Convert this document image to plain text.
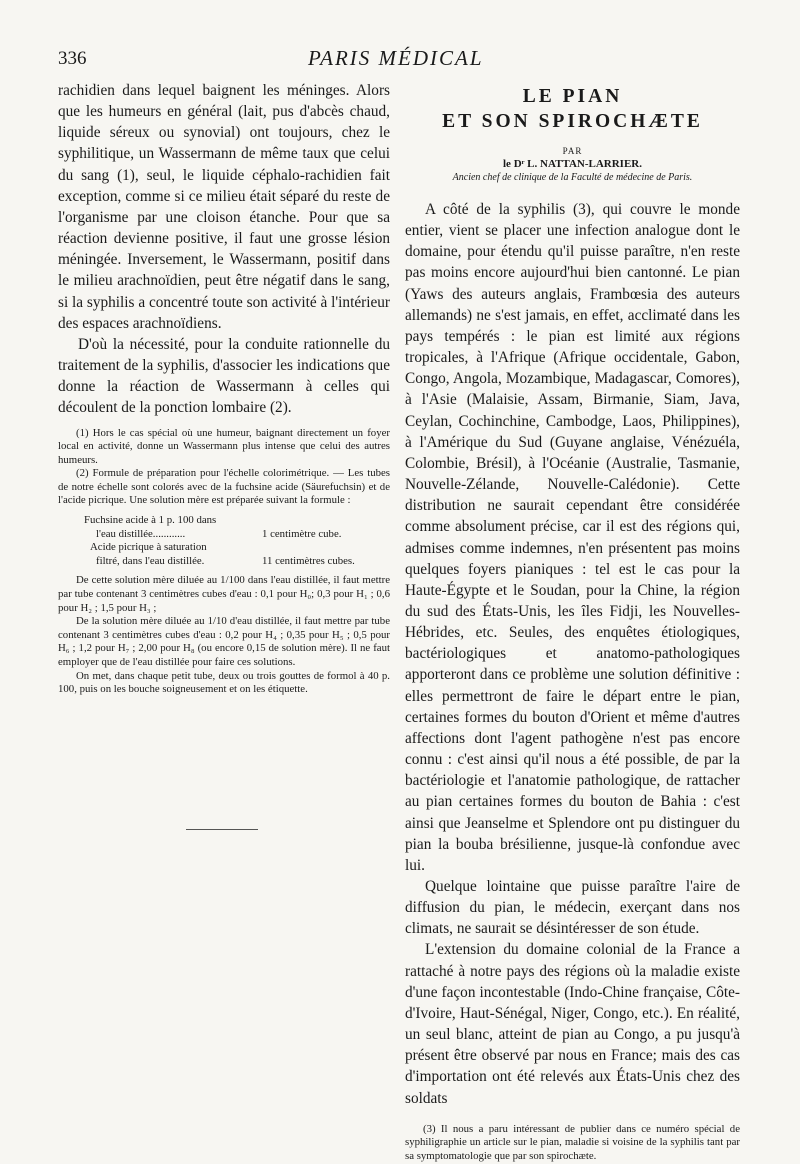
336	PARIS MÉDICAL

rachidien dans lequel baignent les méninges. Alors que les humeurs en général (lait, pus d'abcès chaud, liquide séreux ou synovial) ont toujours, chez le syphilitique, un Wassermann de même taux que celui du sang (1), seul, le liquide céphalo-rachidien fait exception, comme si ce milieu était séparé du reste de l'organisme par une cloison étanche. Pour que sa réaction devienne positive, il faut une grosse lésion méningée. Inversement, le Wassermann, positif dans le milieu arachnoïdien, peut être négatif dans le sang, si la syphilis a concentré toute son activité à l'intérieur des espaces arachnoïdiens.

D'où la nécessité, pour la conduite rationnelle du traitement de la syphilis, d'associer les indications que donne la réaction de Wassermann à celles qui découlent de la ponction lombaire (2).

(1) Hors le cas spécial où une humeur, baignant directement un foyer local en activité, donne un Wassermann plus intense que celui des autres humeurs.

(2) Formule de préparation pour l'échelle colorimétrique. — Les tubes de notre échelle sont colorés avec de la fuchsine acide (Säurefuchsin) et de l'acide picrique. Une solution mère est préparée suivant la formule :

Fuchsine acide à 1 p. 100 dans
l'eau distillée............	1 centimètre cube.
Acide picrique à saturation
filtré, dans l'eau distillée.	11 centimètres cubes.

De cette solution mère diluée au 1/100 dans l'eau distillée, il faut mettre par tube contenant 3 centimètres cubes d'eau : 0,1 pour H₀; 0,3 pour H₁ ; 0,6 pour H₂ ; 1,5 pour H₃ ;

De la solution mère diluée au 1/10 d'eau distillée, il faut mettre par tube contenant 3 centimètres cubes d'eau : 0,2 pour H₄ ; 0,35 pour H₅ ; 0,5 pour H₆ ; 1,2 pour H₇ ; 2,00 pour H₈ (ou encore 0,15 de solution mère). Il ne faut employer que de l'eau distillée pour faire ces solutions.

On met, dans chaque petit tube, deux ou trois gouttes de formol à 40 p. 100, puis on les bouche soigneusement et on les étiquette.

LE PIAN
ET SON SPIROCHÆTE
PAR
le Dʳ L. NATTAN-LARRIER.
Ancien chef de clinique de la Faculté de médecine de Paris.

A côté de la syphilis (3), qui couvre le monde entier, vient se placer une infection analogue dont le domaine, pour étendu qu'il puisse paraître, n'en reste pas moins encore aujourd'hui bien cantonné. Le pian (Yaws des auteurs anglais, Frambœsia des auteurs allemands) ne s'est jamais, en effet, acclimaté dans les pays tempérés : le pian est limité aux régions tropicales, à l'Afrique (Afrique occidentale, Gabon, Congo, Angola, Mozambique, Madagascar, Comores), à l'Asie (Malaisie, Assam, Birmanie, Siam, Java, Ceylan, Cochinchine, Cambodge, Laos, Philippines), à l'Amérique du Sud (Guyane anglaise, Vénézuéla, Colombie, Brésil), à l'Océanie (Australie, Tasmanie, Nouvelle-Zélande, Nouvelle-Calédonie). Cette distribution ne saurait cependant être considérée comme absolument précise, car il est des régions qui, admises comme indemnes, n'en présentent pas moins quelques foyers pianiques : tel est le cas pour la Haute-Égypte et le Soudan, pour la Chine, la région du sud des États-Unis, les îles Fidji, les Nouvelles-Hébrides, etc. Seules, des enquêtes étiologiques, bactériologiques et anatomo-pathologiques apporteront dans ce problème une solution définitive : elles permettront de faire le départ entre le pian, certaines formes du bouton d'Orient et même d'autres affections dont l'agent pathogène n'est pas encore connu : c'est ainsi qu'il nous a été possible, de par la bactériologie et l'anatomie pathologique, de rattacher au pian certaines formes du bouton de Bahia : c'est ainsi que Jeanselme et Splendore ont pu distinguer du pian la bouba brésilienne, jusque-là confondue avec lui.

Quelque lointaine que puisse paraître l'aire de diffusion du pian, le médecin, exerçant dans nos climats, ne saurait se désintéresser de son étude.

L'extension du domaine colonial de la France a rattaché à notre pays des régions où la maladie existe d'une façon incontestable (Indo-Chine française, Côte-d'Ivoire, Haut-Sénégal, Niger, Congo, etc.). En réalité, un seul blanc, atteint de pian au Congo, a pu jusqu'à présent être observé par nous en France; mais des cas d'importation ont été relevés aux États-Unis chez des soldats

(3) Il nous a paru intéressant de publier dans ce numéro spécial de syphiligraphie un article sur le pian, maladie si voisine de la syphilis tant par sa symptomatologie que par son spirochæte.
